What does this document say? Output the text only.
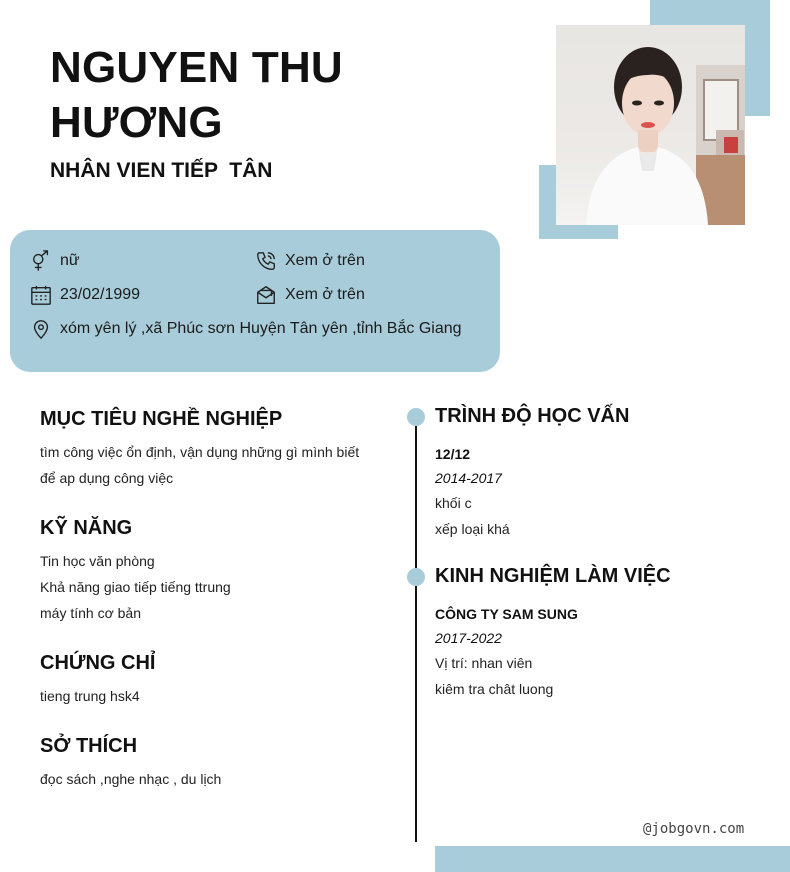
NGUYEN THU HƯƠNG
NHÂN VIEN TIẾP  TÂN
nữ	Xem ở trên
23/02/1999	Xem ở trên
xóm yên lý ,xã Phúc sơn Huyện Tân yên ,tỉnh Bắc Giang
MỤC TIÊU NGHỀ NGHIỆP
tìm công việc ổn định, vận dụng những gì mình biết
để ap dụng công việc
KỸ NĂNG
Tin học văn phòng
Khả năng giao tiếp tiếng ttrung
máy tính cơ bản
CHỨNG CHỈ
tieng trung hsk4
SỞ THÍCH
đọc sách ,nghe nhạc , du lịch
TRÌNH ĐỘ HỌC VẤN
12/12
2014-2017
khối c
xếp loại khá
KINH NGHIỆM LÀM VIỆC
CÔNG TY SAM SUNG
2017-2022
Vị trí: nhan viên
kiêm tra chât luong
@jobgovn.com
